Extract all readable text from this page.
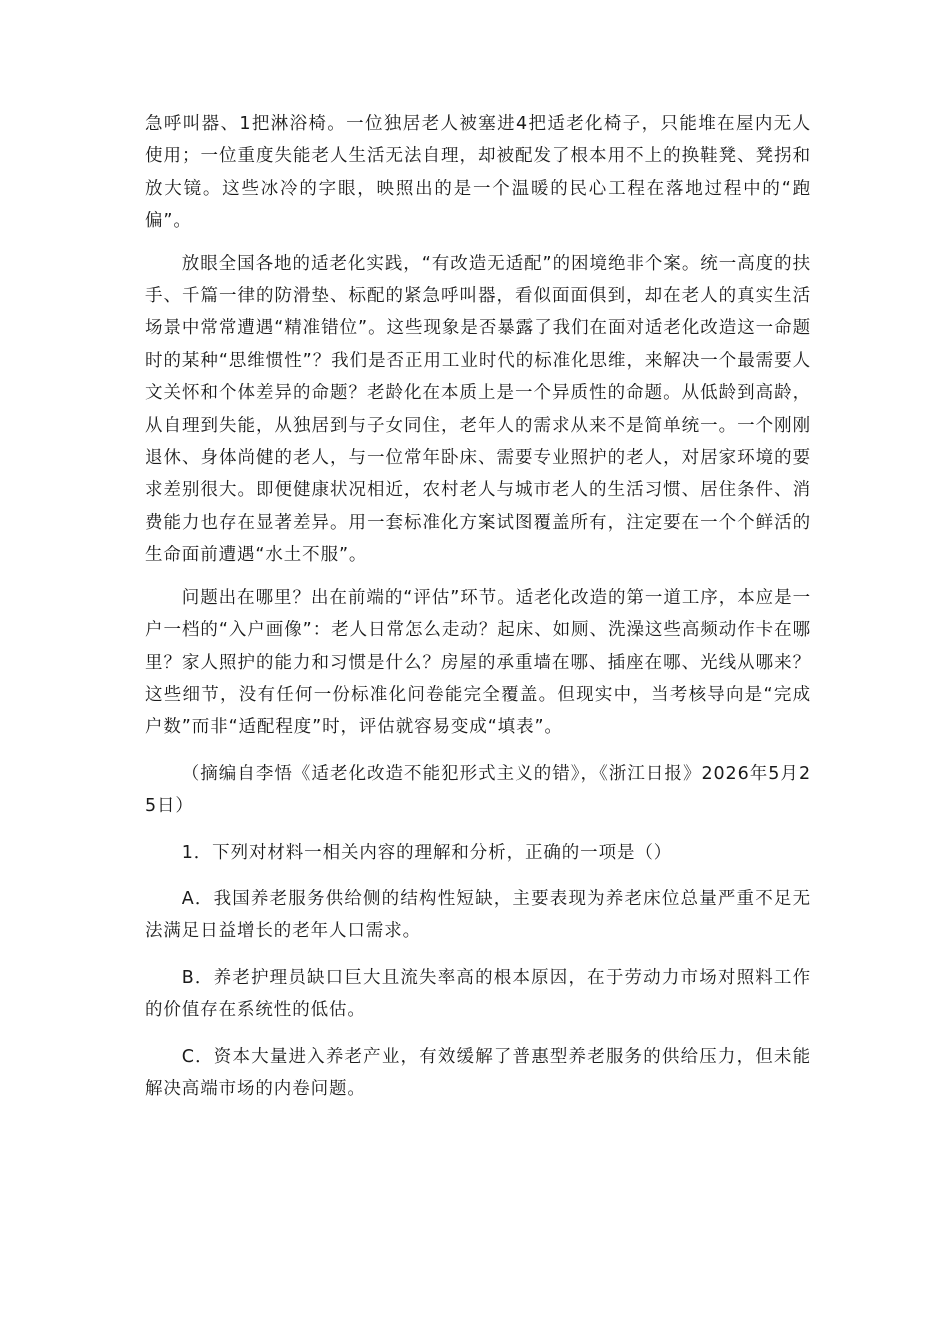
急呼叫器、1把淋浴椅。一位独居老人被塞进4把适老化椅子，只能堆在屋内无人使用；一位重度失能老人生活无法自理，却被配发了根本用不上的换鞋凳、凳拐和放大镜。这些冰冷的字眼，映照出的是一个温暖的民心工程在落地过程中的“跑偏”。

放眼全国各地的适老化实践，“有改造无适配”的困境绝非个案。统一高度的扶手、千篇一律的防滑垫、标配的紧急呼叫器，看似面面俱到，却在老人的真实生活场景中常常遭遇“精准错位”。这些现象是否暴露了我们在面对适老化改造这一命题时的某种“思维惯性”？我们是否正用工业时代的标准化思维，来解决一个最需要人文关怀和个体差异的命题？老龄化在本质上是一个异质性的命题。从低龄到高龄，从自理到失能，从独居到与子女同住，老年人的需求从来不是简单统一。一个刚刚退休、身体尚健的老人，与一位常年卧床、需要专业照护的老人，对居家环境的要求差别很大。即便健康状况相近，农村老人与城市老人的生活习惯、居住条件、消费能力也存在显著差异。用一套标准化方案试图覆盖所有，注定要在一个个鲜活的生命面前遭遇“水土不服”。

问题出在哪里？出在前端的“评估”环节。适老化改造的第一道工序，本应是一户一档的“入户画像”：老人日常怎么走动？起床、如厕、洗澡这些高频动作卡在哪里？家人照护的能力和习惯是什么？房屋的承重墙在哪、插座在哪、光线从哪来？这些细节，没有任何一份标准化问卷能完全覆盖。但现实中，当考核导向是“完成户数”而非“适配程度”时，评估就容易变成“填表”。

（摘编自李悟《适老化改造不能犯形式主义的错》，《浙江日报》2026年5月25日）

1．下列对材料一相关内容的理解和分析，正确的一项是（）

A．我国养老服务供给侧的结构性短缺，主要表现为养老床位总量严重不足无法满足日益增长的老年人口需求。

B．养老护理员缺口巨大且流失率高的根本原因，在于劳动力市场对照料工作的价值存在系统性的低估。

C．资本大量进入养老产业，有效缓解了普惠型养老服务的供给压力，但未能解决高端市场的内卷问题。
